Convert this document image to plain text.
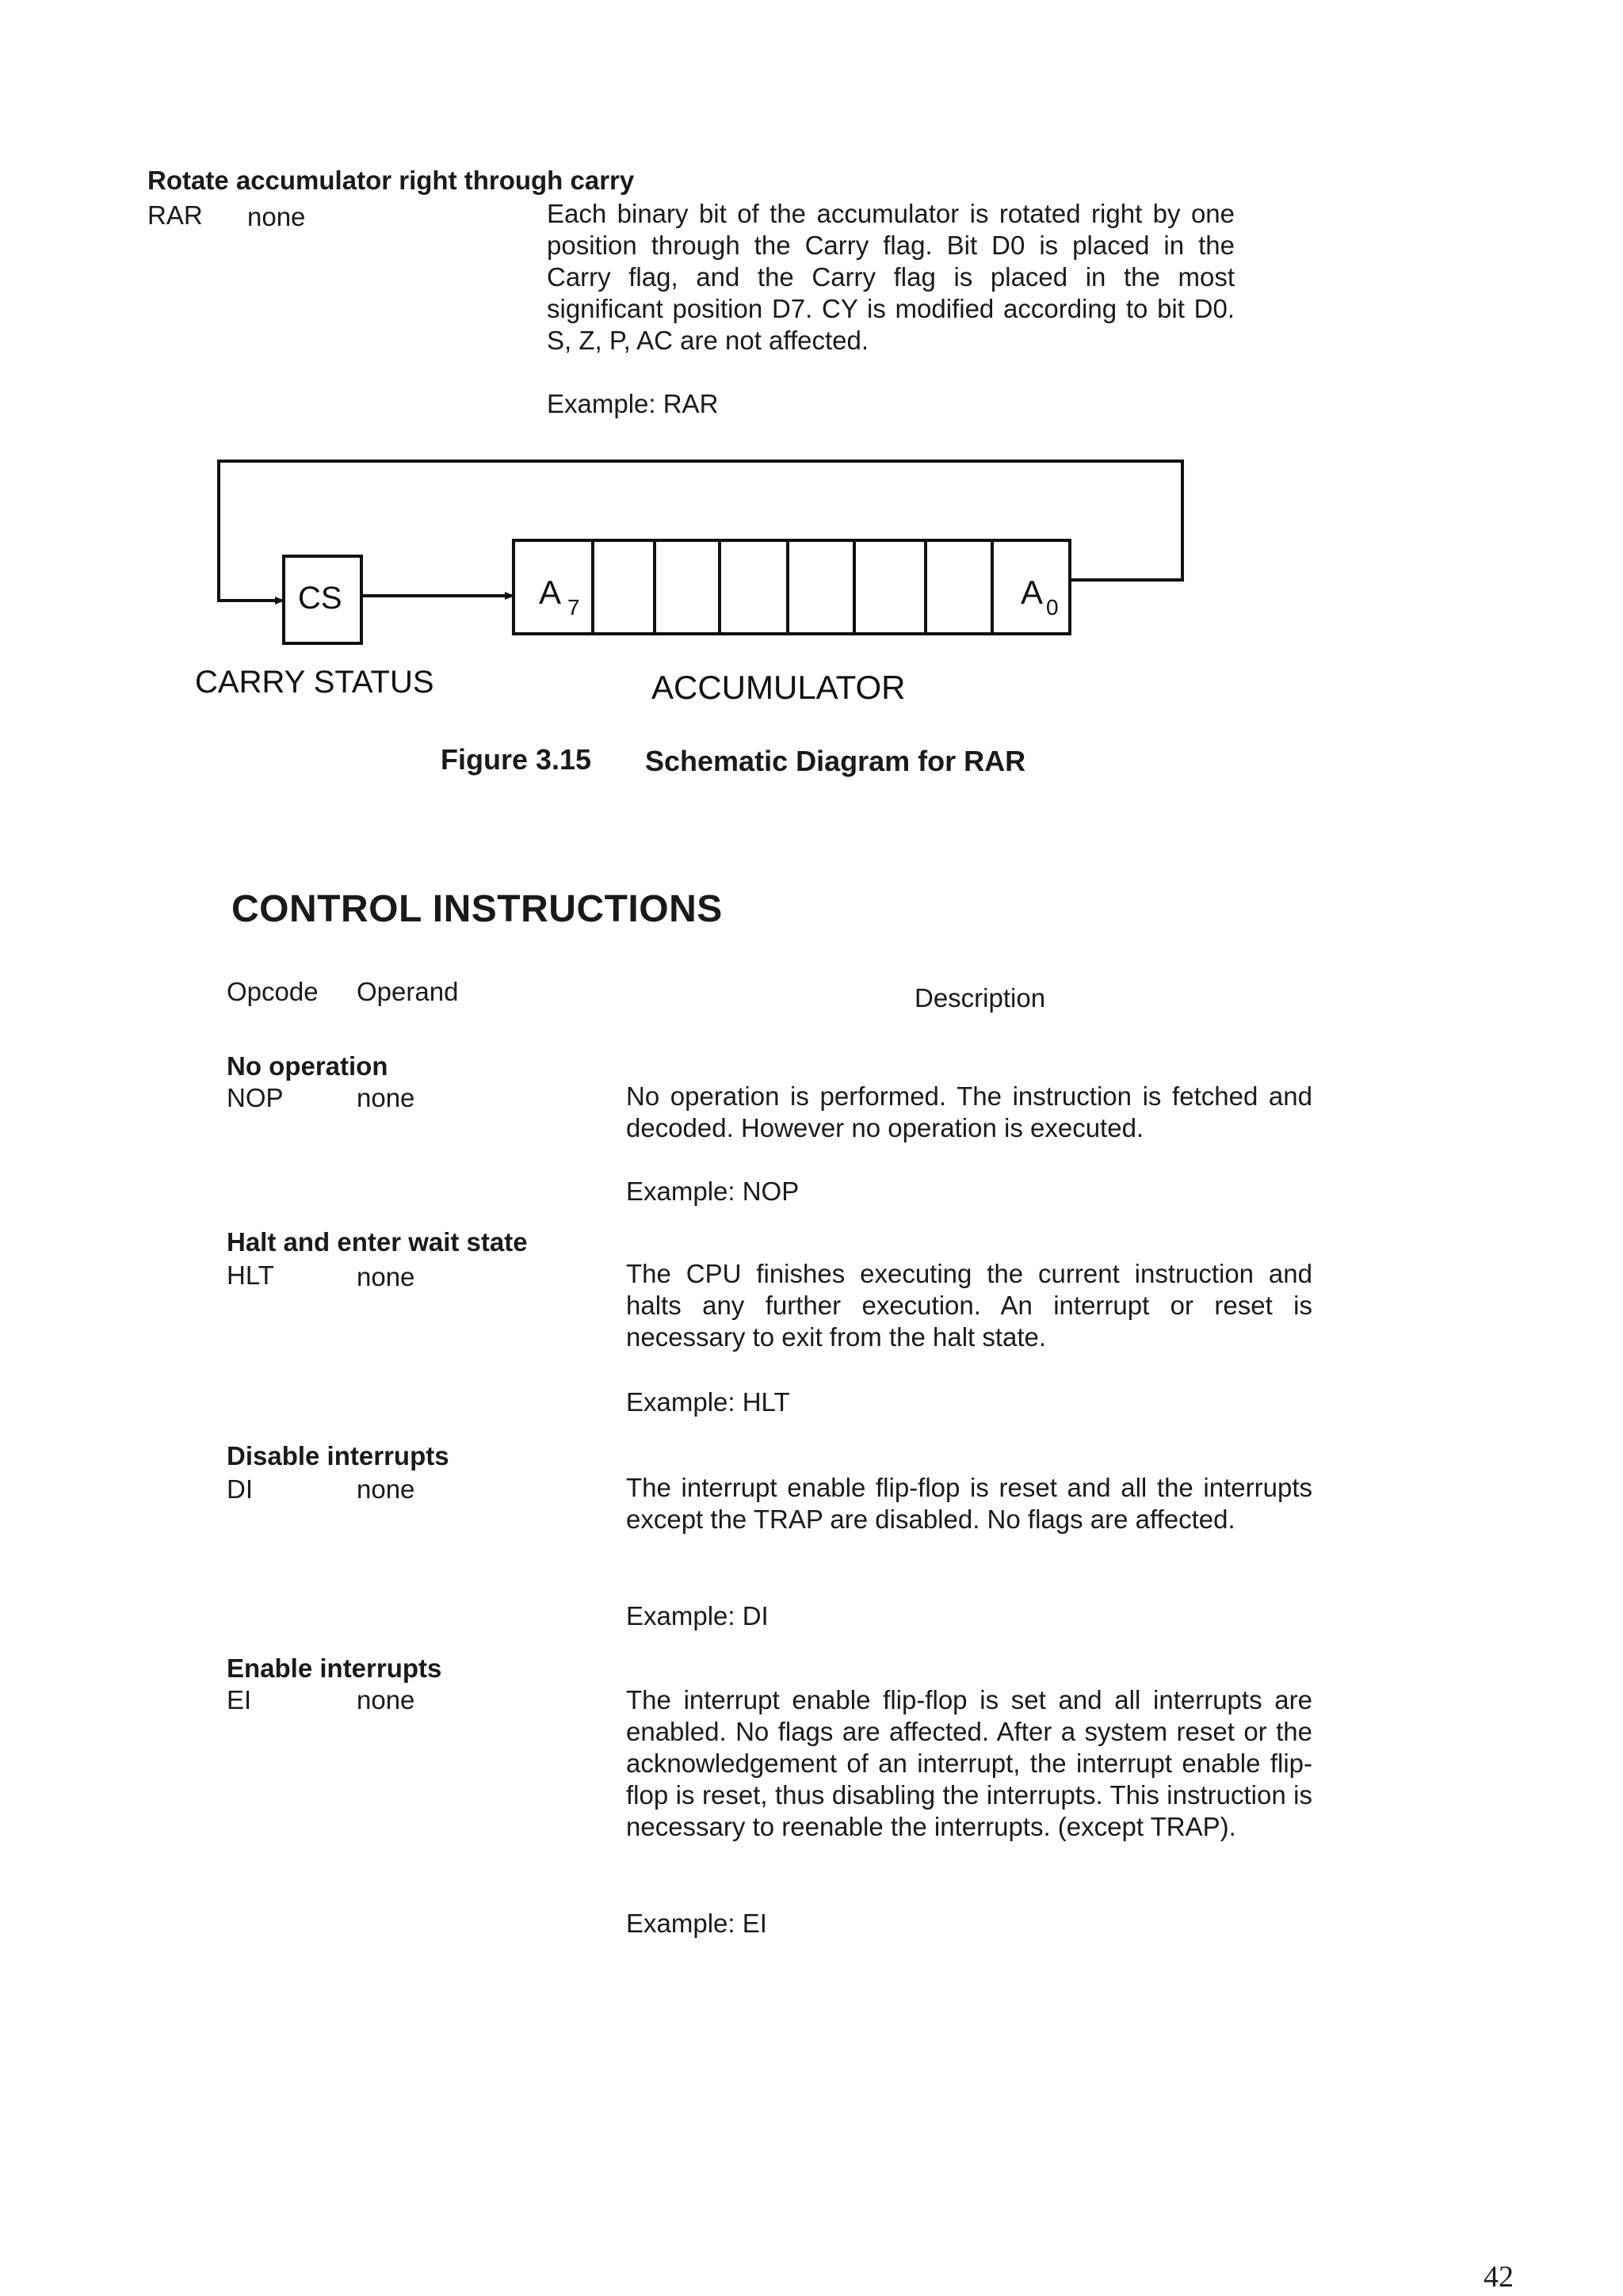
Rotate accumulator right through carry
RAR none	Each binary bit of the accumulator is rotated right by one position through the Carry flag. Bit D0 is placed in the Carry flag, and the Carry flag is placed in the most significant position D7. CY is modified according to bit D0. S, Z, P, AC are not affected.
Example: RAR
CS	A 7	A 0
CARRY STATUS	ACCUMULATOR
Figure 3.15 Schematic Diagram for RAR
CONTROL INSTRUCTIONS
Opcode Operand	Description
No operation
NOP	none	No operation is performed. The instruction is fetched and decoded. However no operation is executed.
Example: NOP
Halt and enter wait state
HLT	none	The CPU finishes executing the current instruction and halts any further execution. An interrupt or reset is necessary to exit from the halt state.
Example: HLT
Disable interrupts
DI	none	The interrupt enable flip-flop is reset and all the interrupts except the TRAP are disabled. No flags are affected.
Example: DI
Enable interrupts
EI	none	The interrupt enable flip-flop is set and all interrupts are enabled. No flags are affected. After a system reset or the acknowledgement of an interrupt, the interrupt enable flip-flop is reset, thus disabling the interrupts. This instruction is necessary to reenable the interrupts. (except TRAP).
Example: EI
42
